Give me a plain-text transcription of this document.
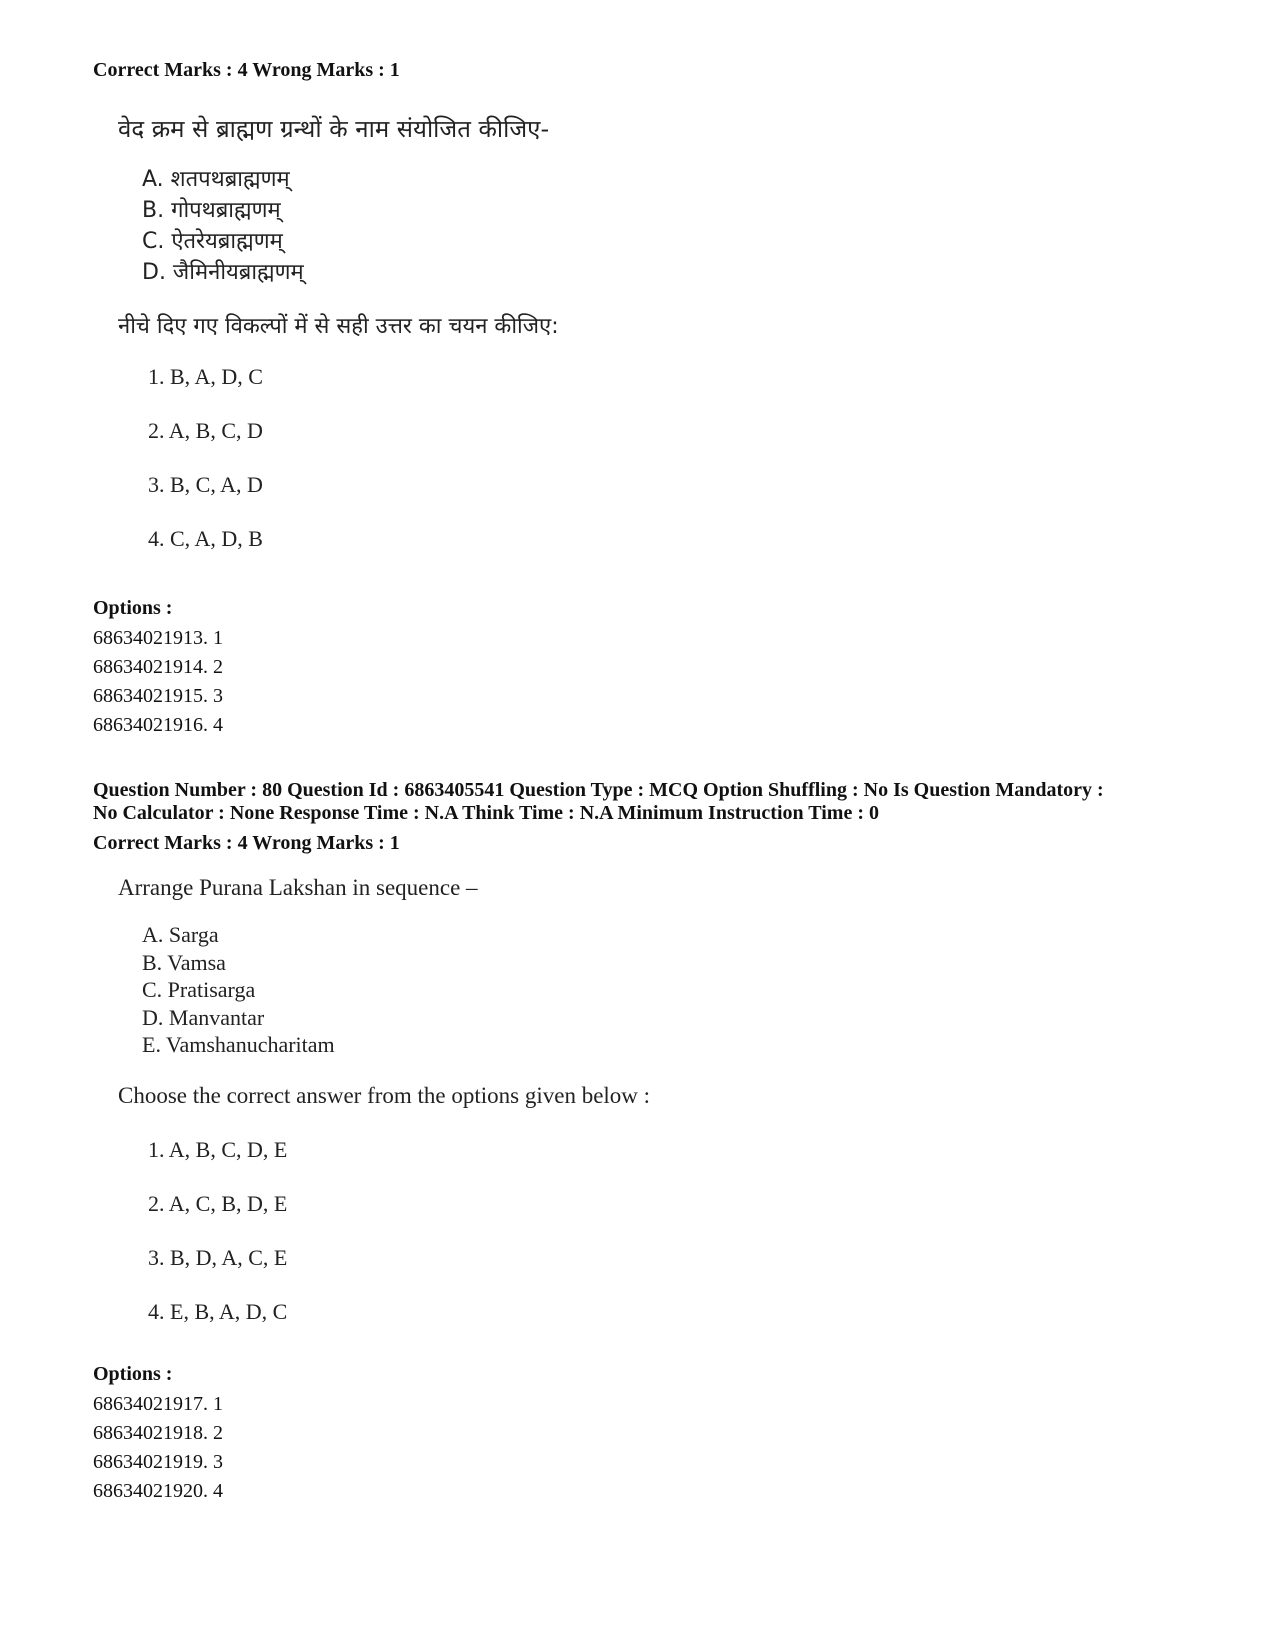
Correct Marks : 4 Wrong Marks : 1

वेद क्रम से ब्राह्मण ग्रन्थों के नाम संयोजित कीजिए-

A. शतपथब्राह्मणम्
B. गोपथब्राह्मणम्
C. ऐतरेयब्राह्मणम्
D. जैमिनीयब्राह्मणम्

नीचे दिए गए विकल्पों में से सही उत्तर का चयन कीजिए:

1. B, A, D, C
2. A, B, C, D
3. B, C, A, D
4. C, A, D, B
Options :
68634021913. 1
68634021914. 2
68634021915. 3
68634021916. 4
Question Number : 80 Question Id : 6863405541 Question Type : MCQ Option Shuffling : No Is Question Mandatory :
No Calculator : None Response Time : N.A Think Time : N.A Minimum Instruction Time : 0
Correct Marks : 4 Wrong Marks : 1

Arrange Purana Lakshan in sequence –

A. Sarga
B. Vamsa
C. Pratisarga
D. Manvantar
E. Vamshanucharitam

Choose the correct answer from the options given below :

1. A, B, C, D, E
2. A, C, B, D, E
3. B, D, A, C, E
4. E, B, A, D, C
Options :
68634021917. 1
68634021918. 2
68634021919. 3
68634021920. 4
